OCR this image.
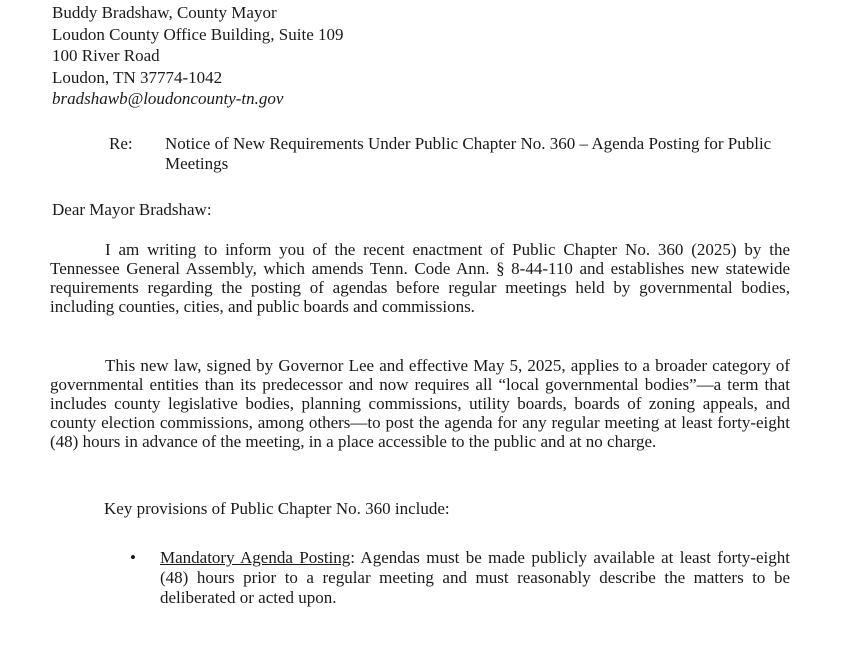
Buddy Bradshaw, County Mayor
Loudon County Office Building, Suite 109
100 River Road
Loudon, TN 37774-1042
bradshawb@loudoncounty-tn.gov
Re: Notice of New Requirements Under Public Chapter No. 360 – Agenda Posting for Public Meetings
Dear Mayor Bradshaw:

I am writing to inform you of the recent enactment of Public Chapter No. 360 (2025) by the Tennessee General Assembly, which amends Tenn. Code Ann. § 8-44-110 and establishes new statewide requirements regarding the posting of agendas before regular meetings held by governmental bodies, including counties, cities, and public boards and commissions.

This new law, signed by Governor Lee and effective May 5, 2025, applies to a broader category of governmental entities than its predecessor and now requires all “local governmental bodies”—a term that includes county legislative bodies, planning commissions, utility boards, boards of zoning appeals, and county election commissions, among others—to post the agenda for any regular meeting at least forty-eight (48) hours in advance of the meeting, in a place accessible to the public and at no charge.

Key provisions of Public Chapter No. 360 include:
• Mandatory Agenda Posting: Agendas must be made publicly available at least forty-eight (48) hours prior to a regular meeting and must reasonably describe the matters to be deliberated or acted upon.
